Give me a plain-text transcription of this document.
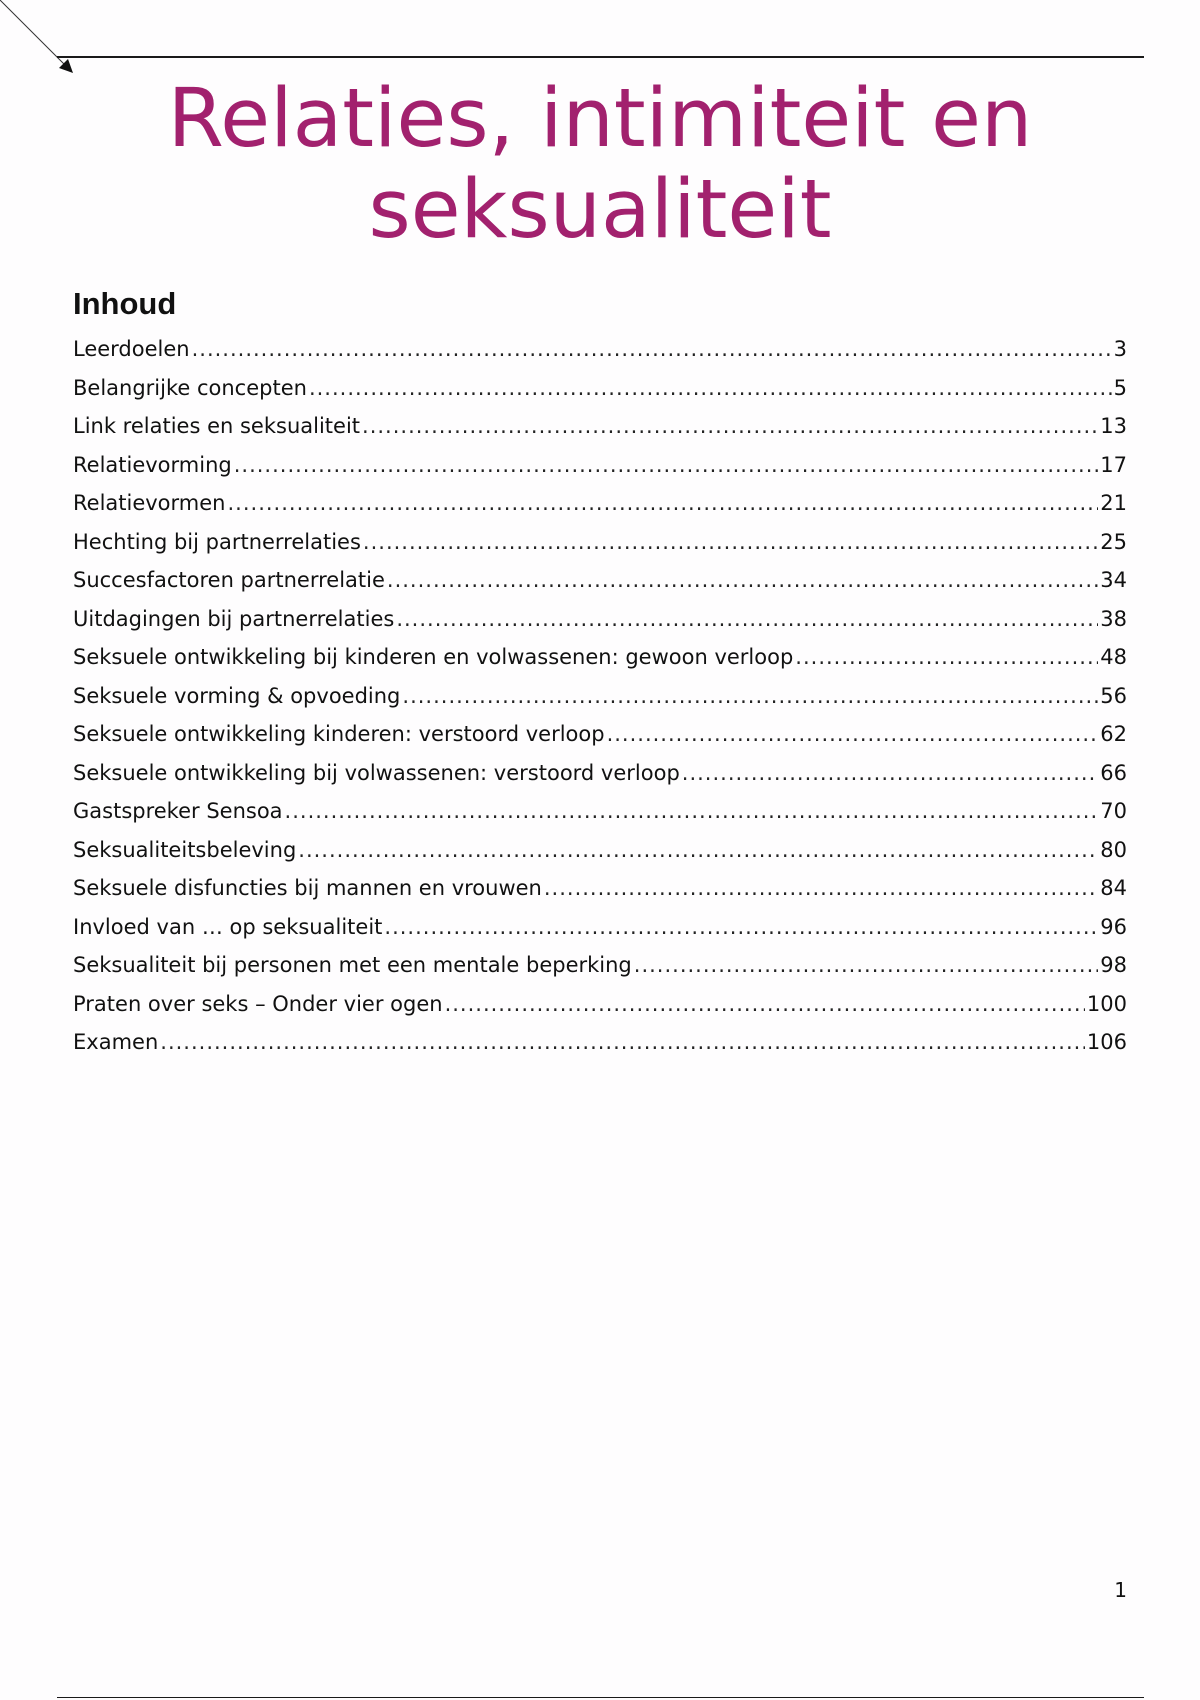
Relaties, intimiteit en seksualiteit
Inhoud
Leerdoelen .....	3
Belangrijke concepten .....	5
Link relaties en seksualiteit .....	13
Relatievorming .....	17
Relatievormen .....	21
Hechting bij partnerrelaties .....	25
Succesfactoren partnerrelatie .....	34
Uitdagingen bij partnerrelaties .....	38
Seksuele ontwikkeling bij kinderen en volwassenen: gewoon verloop .....	48
Seksuele vorming & opvoeding .....	56
Seksuele ontwikkeling kinderen: verstoord verloop .....	62
Seksuele ontwikkeling bij volwassenen: verstoord verloop .....	66
Gastspreker Sensoa .....	70
Seksualiteitsbeleving .....	80
Seksuele disfuncties bij mannen en vrouwen .....	84
Invloed van … op seksualiteit .....	96
Seksualiteit bij personen met een mentale beperking .....	98
Praten over seks – Onder vier ogen .....	100
Examen .....	106
1
